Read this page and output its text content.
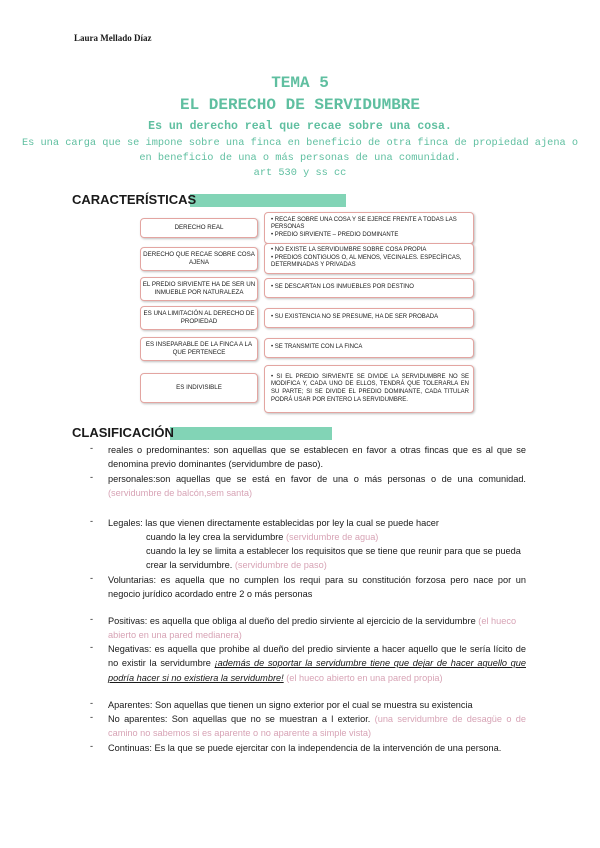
Laura Mellado Díaz
TEMA 5
EL DERECHO DE SERVIDUMBRE
Es un derecho real que recae sobre una cosa.
Es una carga que se impone sobre una finca en beneficio de otra finca de propiedad ajena o en beneficio de una o más personas de una comunidad.
art 530 y ss cc
CARACTERÍSTICAS
DERECHO REAL
• RECAE SOBRE UNA COSA Y SE EJERCE FRENTE A TODAS LAS PERSONAS
• PREDIO SIRVIENTE – PREDIO DOMINANTE
DERECHO QUE RECAE SOBRE COSA AJENA
• NO EXISTE LA SERVIDUMBRE SOBRE COSA PROPIA
• PREDIOS CONTIGUOS O, AL MENOS, VECINALES. ESPECÍFICAS, DETERMINADAS Y PRIVADAS
EL PREDIO SIRVIENTE HA DE SER UN INMUEBLE POR NATURALEZA
• SE DESCARTAN LOS INMUEBLES POR DESTINO
ES UNA LIMITACIÓN AL DERECHO DE PROPIEDAD
• SU EXISTENCIA NO SE PRESUME, HA DE SER PROBADA
ES INSEPARABLE DE LA FINCA A LA QUE PERTENECE
• SE TRANSMITE CON LA FINCA
ES INDIVISIBLE
• SI EL PREDIO SIRVIENTE SE DIVIDE LA SERVIDUMBRE NO SE MODIFICA Y, CADA UNO DE ELLOS, TENDRÁ QUE TOLERARLA EN SU PARTE; SI SE DIVIDE EL PREDIO DOMINANTE, CADA TITULAR PODRÁ USAR POR ENTERO LA SERVIDUMBRE.
CLASIFICACIÓN
- reales o predominantes: son aquellas que se establecen en favor a otras fincas que es al que se denomina previo dominantes (servidumbre de paso).
- personales:son aquellas que se está en favor de una o más personas o de una comunidad. (servidumbre de balcón,sem santa)
- Legales: las que vienen directamente establecidas por ley la cual se puede hacer
cuando la ley crea la servidumbre (servidumbre de agua)
cuando la ley se limita a establecer los requisitos que se tiene que reunir para que se pueda crear la servidumbre. (servidumbre de paso)
- Voluntarias: es aquella que no cumplen los requi para su constitución forzosa pero nace por un negocio jurídico acordado entre 2 o más personas
- Positivas: es aquella que obliga al dueño del predio sirviente al ejercicio de la servidumbre (el hueco abierto en una pared medianera)
- Negativas: es aquella que prohibe al dueño del predio sirviente a hacer aquello que le sería lícito de no existir la servidumbre ¡además de soportar la servidumbre tiene que dejar de hacer aquello que podría hacer si no existiera la servidumbre! (el hueco abierto en una pared propia)
- Aparentes: Son aquellas que tienen un signo exterior por el cual se muestra su existencia
- No aparentes: Son aquellas que no se muestran a l exterior. (una servidumbre de desagüe o de camino no sabemos si es aparente o no aparente a simple vista)
- Continuas: Es la que se puede ejercitar con la independencia de la intervención de una persona.
